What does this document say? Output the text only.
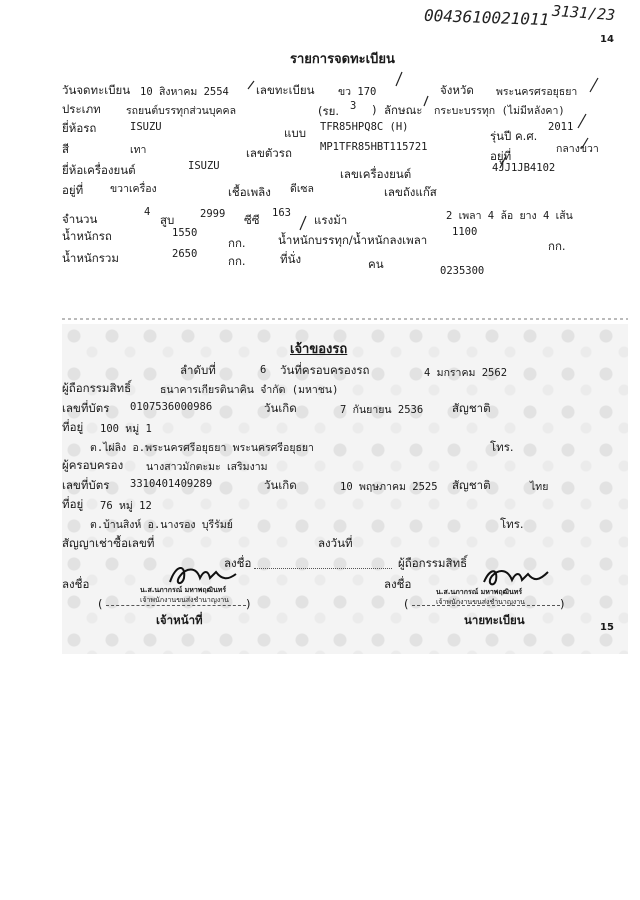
0043610021011 3131/23
14
รายการจดทะเบียน
วันจดทะเบียน 10 สิงหาคม 2554 เลขทะเบียน ขว 170	จังหวัด พระนครศรอยุธยา
ประเภท รถยนต์บรรทุกส่วนบุคคล	(รย. 3 ) ลักษณะ กระบะบรรทุก (ไม่มีหลังคา)
ยี่ห้อรถ	ISUZU	แบบ TFR85HPQ8C (H)
รุ่นปี ค.ศ.
2011
สี	เทา	เลขตัวรถ	MP1TFR85HBT115721
อยู่ที่	กลางขวา
ยี่ห้อเครื่องยนต์	ISUZU
เลขเครื่องยนต์	4JJ1JB4102
อยู่ที่	ขวาเครื่อง	เชื้อเพลิง ดีเซล	เลขถังแก๊ส
จำนวน	4
สูบ 2999 ซีซี 163 แรงม้า	2 เพลา 4 ล้อ ยาง 4 เส้น
น้ำหนักรถ	1550
กก.	น้ำหนักบรรทุก/น้ำหนักลงเพลา
1100
กก.
น้ำหนักรวม	2650	กก.	ที่นั่ง	คน	0235300
เจ้าของรถ
ลำดับที่	6 วันที่ครอบครองรถ	4 มกราคม 2562
ผู้ถือกรรมสิทธิ์	ธนาคารเกียรตินาคิน จำกัด (มหาชน)
เลขที่บัตร 0107536000986	วันเกิด	7 กันยายน 2536	สัญชาติ
ที่อยู่ 100 หมู่ 1
ต.ไผ่ลิง อ.พระนครศรีอยุธยา พระนครศรีอยุธยา	โทร.
ผู้ครอบครอง นางสาวมักตะมะ เสริมงาม
เลขที่บัตร 3310401409289	วันเกิด	10 พฤษภาคม 2525 สัญชาติ	ไทย
ที่อยู่ 76 หมู่ 12
ต.บ้านสิงห์ อ.นางรอง บุรีรัมย์	โทร.
สัญญาเช่าซื้อเลขที่	ลงวันที่
ลงชื่อ	ผู้ถือกรรมสิทธิ์
ลงชื่อ	น.ส.นภากรณ์ มหาพฤฒินทร์
เจ้าพนักงานขนส่งชำนาญงาน
(	)
เจ้าหน้าที่
ลงชื่อ
น.ส.นภากรณ์ มหาพฤฒินทร์
เจ้าพนักงานขนส่งชำนาญงาน
(	)
นายทะเบียน
15
